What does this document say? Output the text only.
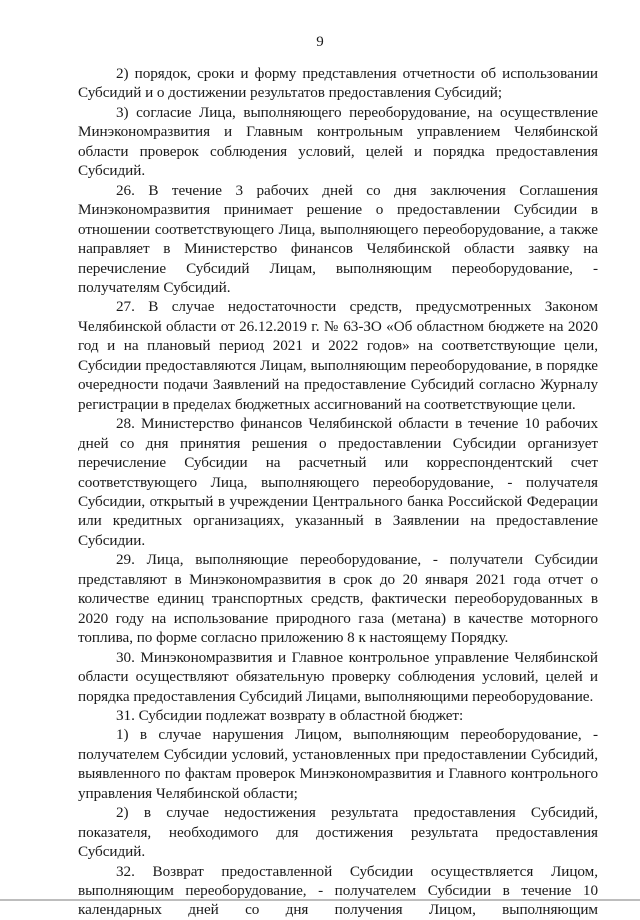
9

2) порядок, сроки и форму представления отчетности об использовании Субсидий и о достижении результатов предоставления Субсидий;

3) согласие Лица, выполняющего переоборудование, на осуществление Минэкономразвития и Главным контрольным управлением Челябинской области проверок соблюдения условий, целей и порядка предоставления Субсидий.

26. В течение 3 рабочих дней со дня заключения Соглашения Минэкономразвития принимает решение о предоставлении Субсидии в отношении соответствующего Лица, выполняющего переоборудование, а также направляет в Министерство финансов Челябинской области заявку на перечисление Субсидий Лицам, выполняющим переоборудование, - получателям Субсидий.

27. В случае недостаточности средств, предусмотренных Законом Челябинской области от 26.12.2019 г. № 63-ЗО «Об областном бюджете на 2020 год и на плановый период 2021 и 2022 годов» на соответствующие цели, Субсидии предоставляются Лицам, выполняющим переоборудование, в порядке очередности подачи Заявлений на предоставление Субсидий согласно Журналу регистрации в пределах бюджетных ассигнований на соответствующие цели.

28. Министерство финансов Челябинской области в течение 10 рабочих дней со дня принятия решения о предоставлении Субсидии организует перечисление Субсидии на расчетный или корреспондентский счет соответствующего Лица, выполняющего переоборудование, - получателя Субсидии, открытый в учреждении Центрального банка Российской Федерации или кредитных организациях, указанный в Заявлении на предоставление Субсидии.

29. Лица, выполняющие переоборудование, - получатели Субсидии представляют в Минэкономразвития в срок до 20 января 2021 года отчет о количестве единиц транспортных средств, фактически переоборудованных в 2020 году на использование природного газа (метана) в качестве моторного топлива, по форме согласно приложению 8 к настоящему Порядку.

30. Минэкономразвития и Главное контрольное управление Челябинской области осуществляют обязательную проверку соблюдения условий, целей и порядка предоставления Субсидий Лицами, выполняющими переоборудование.

31. Субсидии подлежат возврату в областной бюджет:

1) в случае нарушения Лицом, выполняющим переоборудование, - получателем Субсидии условий, установленных при предоставлении Субсидий, выявленного по фактам проверок Минэкономразвития и Главного контрольного управления Челябинской области;

2) в случае недостижения результата предоставления Субсидий, показателя, необходимого для достижения результата предоставления Субсидий.

32. Возврат предоставленной Субсидии осуществляется Лицом, выполняющим переоборудование, - получателем Субсидии в течение 10 календарных дней со дня получения Лицом, выполняющим
